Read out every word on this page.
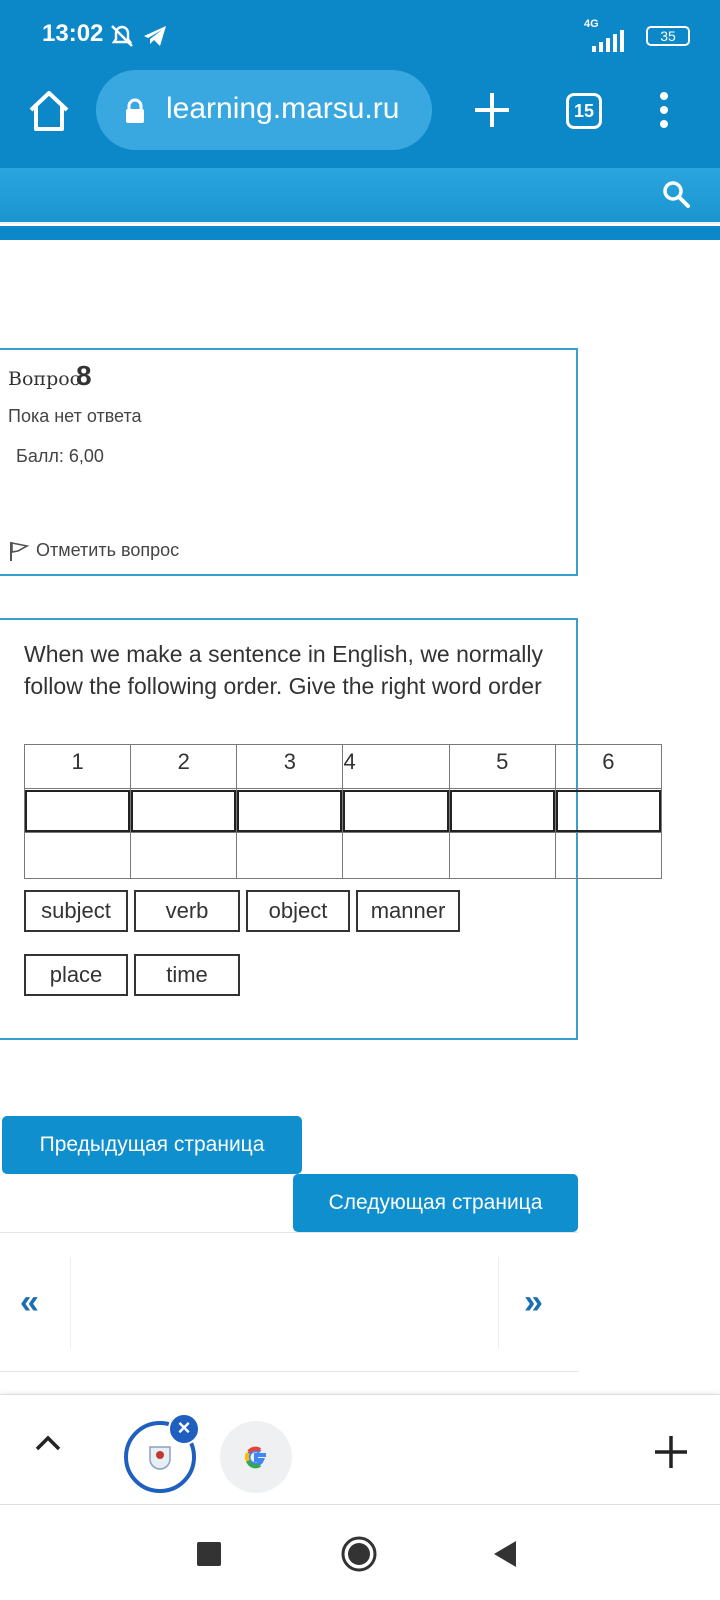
13:02	4G
35
learning.marsu.ru	15
Вопрос
8
Пока нет ответа
Балл: 6,00
Отметить вопрос
When we make a sentence in English, we normally follow the following order. Give the right word order
1	2	3	4	5	6

subject	verb	object	manner
place	time
Предыдущая страница
Следующая страница
«	»
×
